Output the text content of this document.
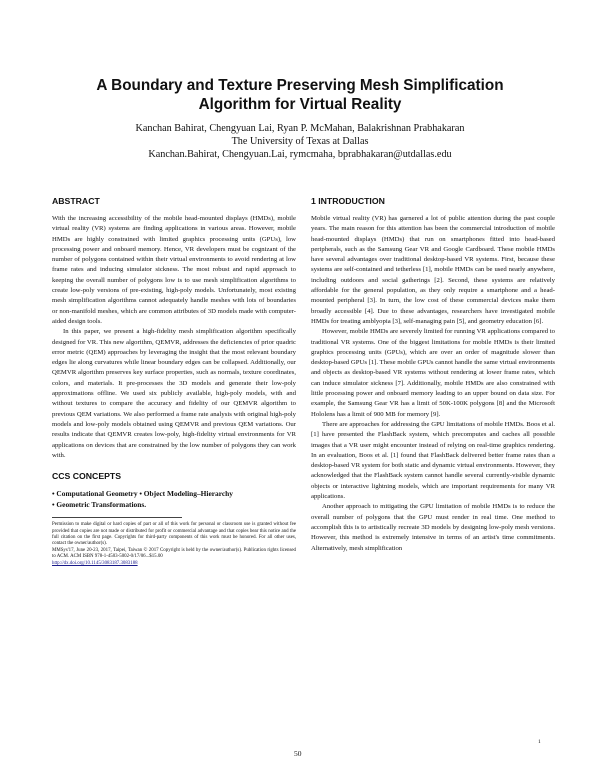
A Boundary and Texture Preserving Mesh Simplification
Algorithm for Virtual Reality
Kanchan Bahirat, Chengyuan Lai, Ryan P. McMahan, Balakrishnan Prabhakaran
The University of Texas at Dallas
Kanchan.Bahirat, Chengyuan.Lai, rymcmaha, bprabhakaran@utdallas.edu
ABSTRACT

With the increasing accessibility of the mobile head-mounted displays (HMDs), mobile virtual reality (VR) systems are finding applications in various areas. However, mobile HMDs are highly constrained with limited graphics processing units (GPUs), low processing power and onboard memory. Hence, VR developers must be cognizant of the number of polygons contained within their virtual environments to avoid rendering at low frame rates and inducing simulator sickness. The most robust and rapid approach to keeping the overall number of polygons low is to use mesh simplification algorithms to create low-poly versions of pre-existing, high-poly models. Unfortunately, most existing mesh simplification algorithms cannot adequately handle meshes with lots of boundaries or non-manifold meshes, which are common attributes of 3D models made with computer-aided design tools.

In this paper, we present a high-fidelity mesh simplification algorithm specifically designed for VR. This new algorithm, QEMVR, addresses the deficiencies of prior quadric error metric (QEM) approaches by leveraging the insight that the most relevant boundary edges lie along curvatures while linear boundary edges can be collapsed. Additionally, our QEMVR algorithm preserves key surface properties, such as normals, texture coordinates, colors, and materials. It pre-processes the 3D models and generate their low-poly approximations offline. We used six publicly available, high-poly models, with and without textures to compare the accuracy and fidelity of our QEMVR algorithm to previous QEM variations. We also performed a frame rate analysis with original high-poly models and low-poly models obtained using QEMVR and previous QEM variations. Our results indicate that QEMVR creates low-poly, high-fidelity virtual environments for VR applications on devices that are constrained by the low number of polygons they can work with.

CCS CONCEPTS
• Computational Geometry • Object Modeling–Hierarchy
• Geometric Transformations.

Permission to make digital or hard copies of part or all of this work for personal or classroom use is granted without fee provided that copies are not made or distributed for profit or commercial advantage and that copies bear this notice and the full citation on the first page. Copyrights for third-party components of this work must be honored. For all other uses, contact the owner/author(s).

MMSys'17, June 20-23, 2017, Taipei, Taiwan © 2017 Copyright is held by the owner/author(s). Publication rights licensed to ACM. ACM ISBN 978-1-4503-5002-0/17/06...$15.00

http://dx.doi.org/10.1145/3083187.3083188

1 INTRODUCTION

Mobile virtual reality (VR) has garnered a lot of public attention during the past couple years. The main reason for this attention has been the commercial introduction of mobile head-mounted displays (HMDs) that run on smartphones fitted into head-based peripherals, such as the Samsung Gear VR and Google Cardboard. These mobile HMDs have several advantages over traditional desktop-based VR systems. First, because these systems are self-contained and tetherless [1], mobile HMDs can be used nearly anywhere, including outdoors and social gatherings [2]. Second, these systems are relatively affordable for the general population, as they only require a smartphone and a head-mounted peripheral [3]. In turn, the low cost of these commercial devices make them broadly accessible [4]. Due to these advantages, researchers have investigated mobile HMDs for treating amblyopia [3], self-managing pain [5], and geometry education [6].

However, mobile HMDs are severely limited for running VR applications compared to traditional VR systems. One of the biggest limitations for mobile HMDs is their limited graphics processing units (GPUs), which are over an order of magnitude slower than desktop-based GPUs [1]. These mobile GPUs cannot handle the same virtual environments and objects as desktop-based VR systems without rendering at lower frame rates, which can induce simulator sickness [7]. Additionally, mobile HMDs are also constrained with little processing power and onboard memory leading to an upper bound on data size. For example, the Samsung Gear VR has a limit of 50K-100K polygons [8] and the Microsoft Hololens has a limit of 900 MB for memory [9].

There are approaches for addressing the GPU limitations of mobile HMDs. Boos et al. [1] have presented the FlashBack system, which precomputes and caches all possible images that a VR user might encounter instead of relying on real-time graphics rendering. In an evaluation, Boos et al. [1] found that FlashBack delivered better frame rates than a desktop-based VR system for both static and dynamic virtual environments. However, they acknowledged that the FlashBack system cannot handle several currently-visible dynamic objects or interactive lightning models, which are important requirements for many VR applications.

Another approach to mitigating the GPU limitation of mobile HMDs is to reduce the overall number of polygons that the GPU must render in real time. One method to accomplish this is to artistically recreate 3D models by designing low-poly mesh versions. However, this method is extremely intensive in terms of an artist's time commitments. Alternatively, mesh simplification

1
50
